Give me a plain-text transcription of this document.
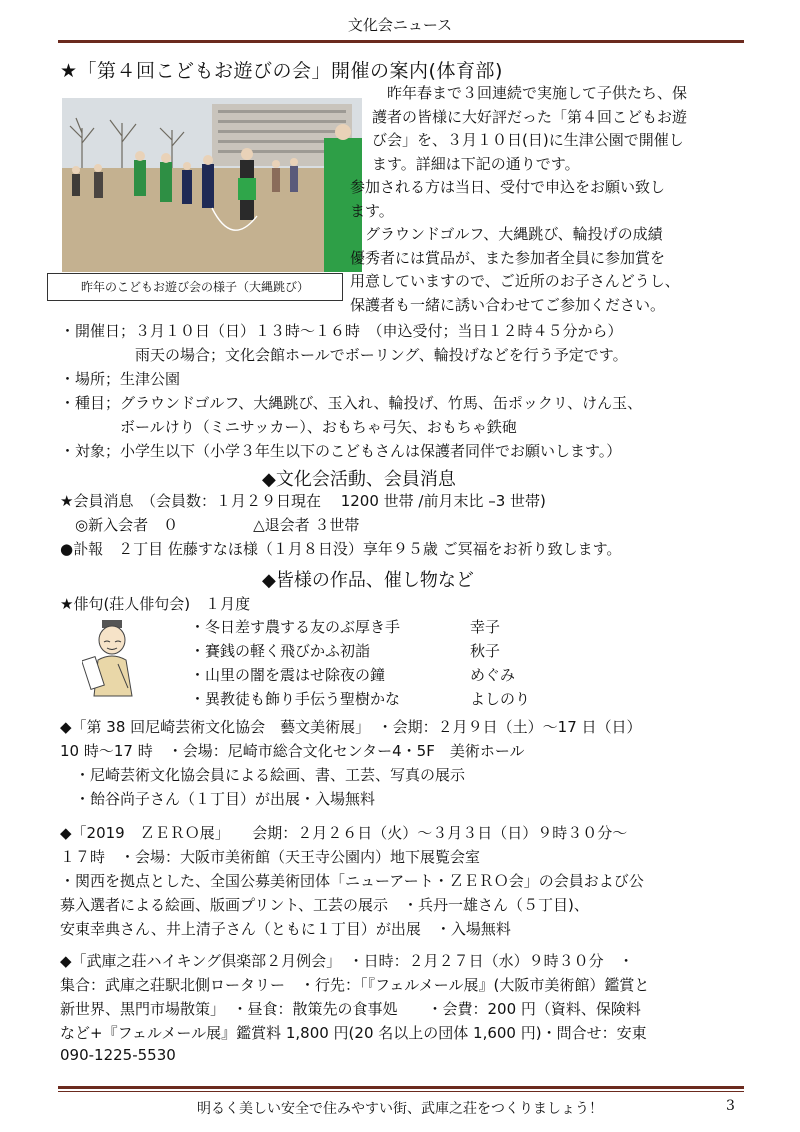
文化会ニュース
★「第４回こどもお遊びの会」開催の案内(体育部)
昨年のこどもお遊び会の様子（大縄跳び）

　昨年春まで３回連続で実施して子供たち、保

護者の皆様に大好評だった「第４回こどもお遊

び会」を、３月１０日(日)に生津公園で開催し

ます。詳細は下記の通りです。

参加される方は当日、受付で申込をお願い致し

ます。

　グラウンドゴルフ、大縄跳び、輪投げの成績

優秀者には賞品が、また参加者全員に参加賞を

用意していますので、ご近所のお子さんどうし、

保護者も一緒に誘い合わせてご参加ください。

・開催日；３月１０日（日）１３時～１６時　（申込受付；当日１２時４５分から）
　　　　　雨天の場合；文化会館ホールでボーリング、輪投げなどを行う予定です。
・場所；生津公園
・種目；グラウンドゴルフ、大縄跳び、玉入れ、輪投げ、竹馬、缶ポックリ、けん玉、
　　　　ボールけり（ミニサッカー）、おもちゃ弓矢、おもちゃ鉄砲
・対象；小学生以下（小学３年生以下のこどもさんは保護者同伴でお願いします。）
◆文化会活動、会員消息
★会員消息　（会員数：１月２９日現在　 1200 世帯 /前月末比 –3 世帯)
　◎新入会者　０　　　　　△退会者 ３世帯
●訃報　２丁目 佐藤すなほ様（１月８日没）享年９５歳 ご冥福をお祈り致します。
◆皆様の作品、催し物など
★俳句(荘人俳句会)　１月度
・冬日差す農する友のぶ厚き手	幸子
・賽銭の軽く飛びかふ初詣	秋子
・山里の闇を震はせ除夜の鐘	めぐみ
・異教徒も飾り手伝う聖樹かな	よしのり
◆「第 38 回尼崎芸術文化協会　藝文美術展」　・会期：２月９日（土）～17 日（日）
10 時～17 時　・会場：尼崎市総合文化センター4・5F　美術ホール
　・尼崎芸術文化協会員による絵画、書、工芸、写真の展示
　・飴谷尚子さん（１丁目）が出展・入場無料
◆「2019　ＺＥＲＯ展」　　会期：２月２６日（火）～３月３日（日）９時３０分～
１７時　・会場：大阪市美術館（天王寺公園内）地下展覧会室
・関西を拠点とした、全国公募美術団体「ニューアート・ＺＥＲＯ会」の会員および公
募入選者による絵画、版画プリント、工芸の展示　・兵丹一雄さん（５丁目)、
安東幸典さん、井上清子さん（ともに１丁目）が出展　・入場無料
◆「武庫之荘ハイキング倶楽部２月例会」　・日時：２月２７日（水）９時３０分　・
集合：武庫之荘駅北側ロータリー　・行先：｢『フェルメール展』(大阪市美術館）鑑賞と
新世界、黒門市場散策」　・昼食：散策先の食事処　　・会費：200 円（資料、保険料
など+『フェルメール展』鑑賞料 1,800 円(20 名以上の団体 1,600 円)・問合せ：安東
090-1225-5530
明るく美しい安全で住みやすい街、武庫之荘をつくりましょう！	3
